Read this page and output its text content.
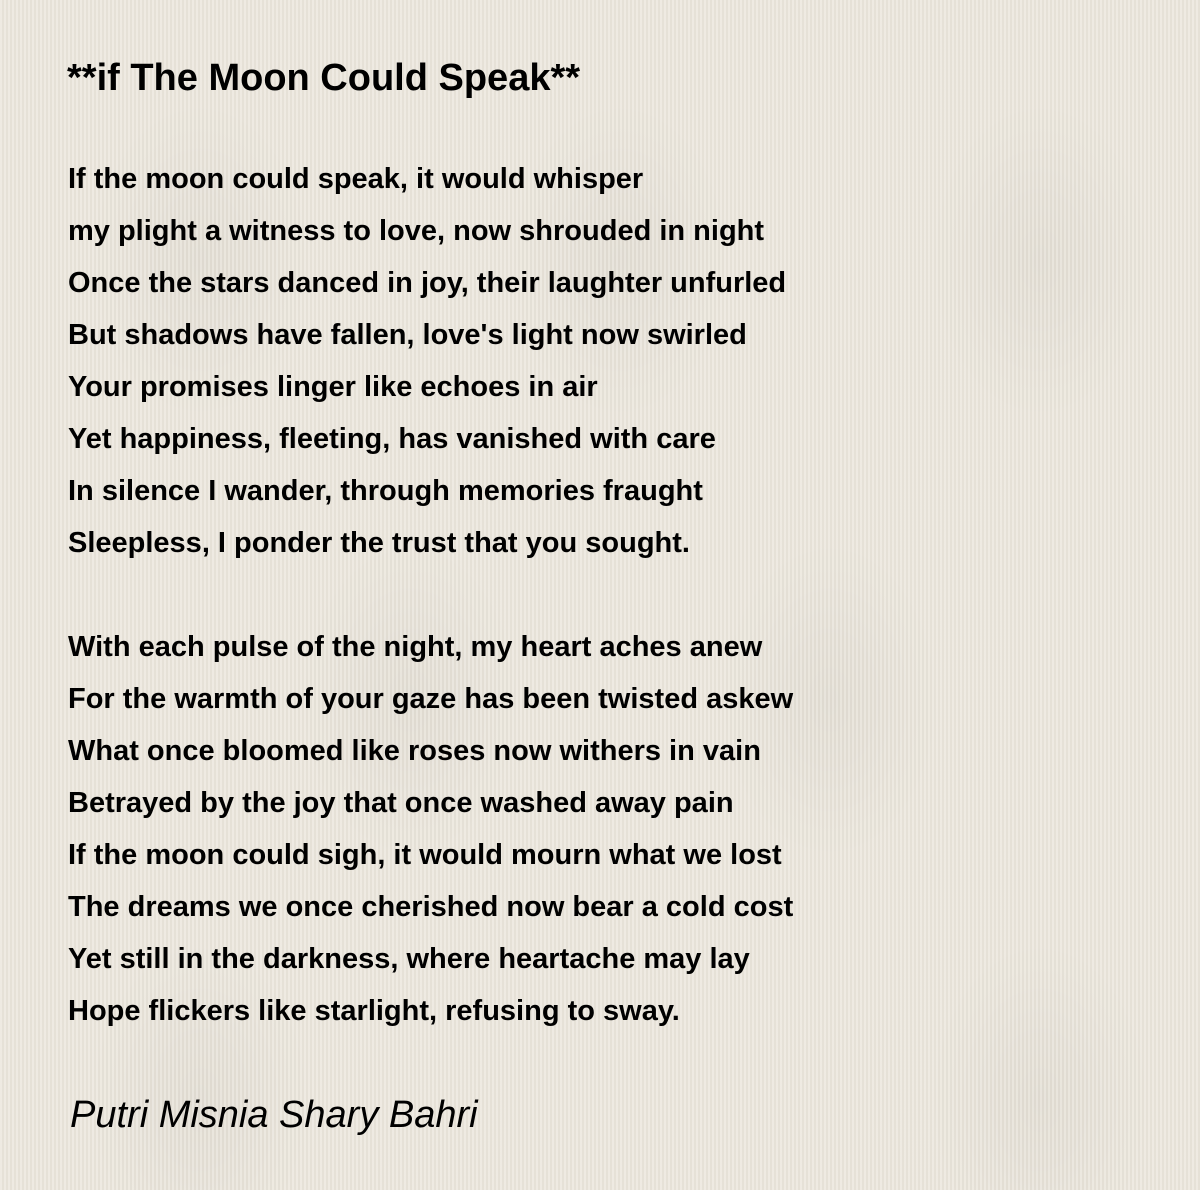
**if The Moon Could Speak**
If the moon could speak, it would whisper
my plight a witness to love, now shrouded in night
Once the stars danced in joy, their laughter unfurled
But shadows have fallen, love's light now swirled
Your promises linger like echoes in air
Yet happiness, fleeting, has vanished with care
In silence I wander, through memories fraught
Sleepless, I ponder the trust that you sought.
With each pulse of the night, my heart aches anew
For the warmth of your gaze has been twisted askew
What once bloomed like roses now withers in vain
Betrayed by the joy that once washed away pain
If the moon could sigh, it would mourn what we lost
The dreams we once cherished now bear a cold cost
Yet still in the darkness, where heartache may lay
Hope flickers like starlight, refusing to sway.

Putri Misnia Shary Bahri
